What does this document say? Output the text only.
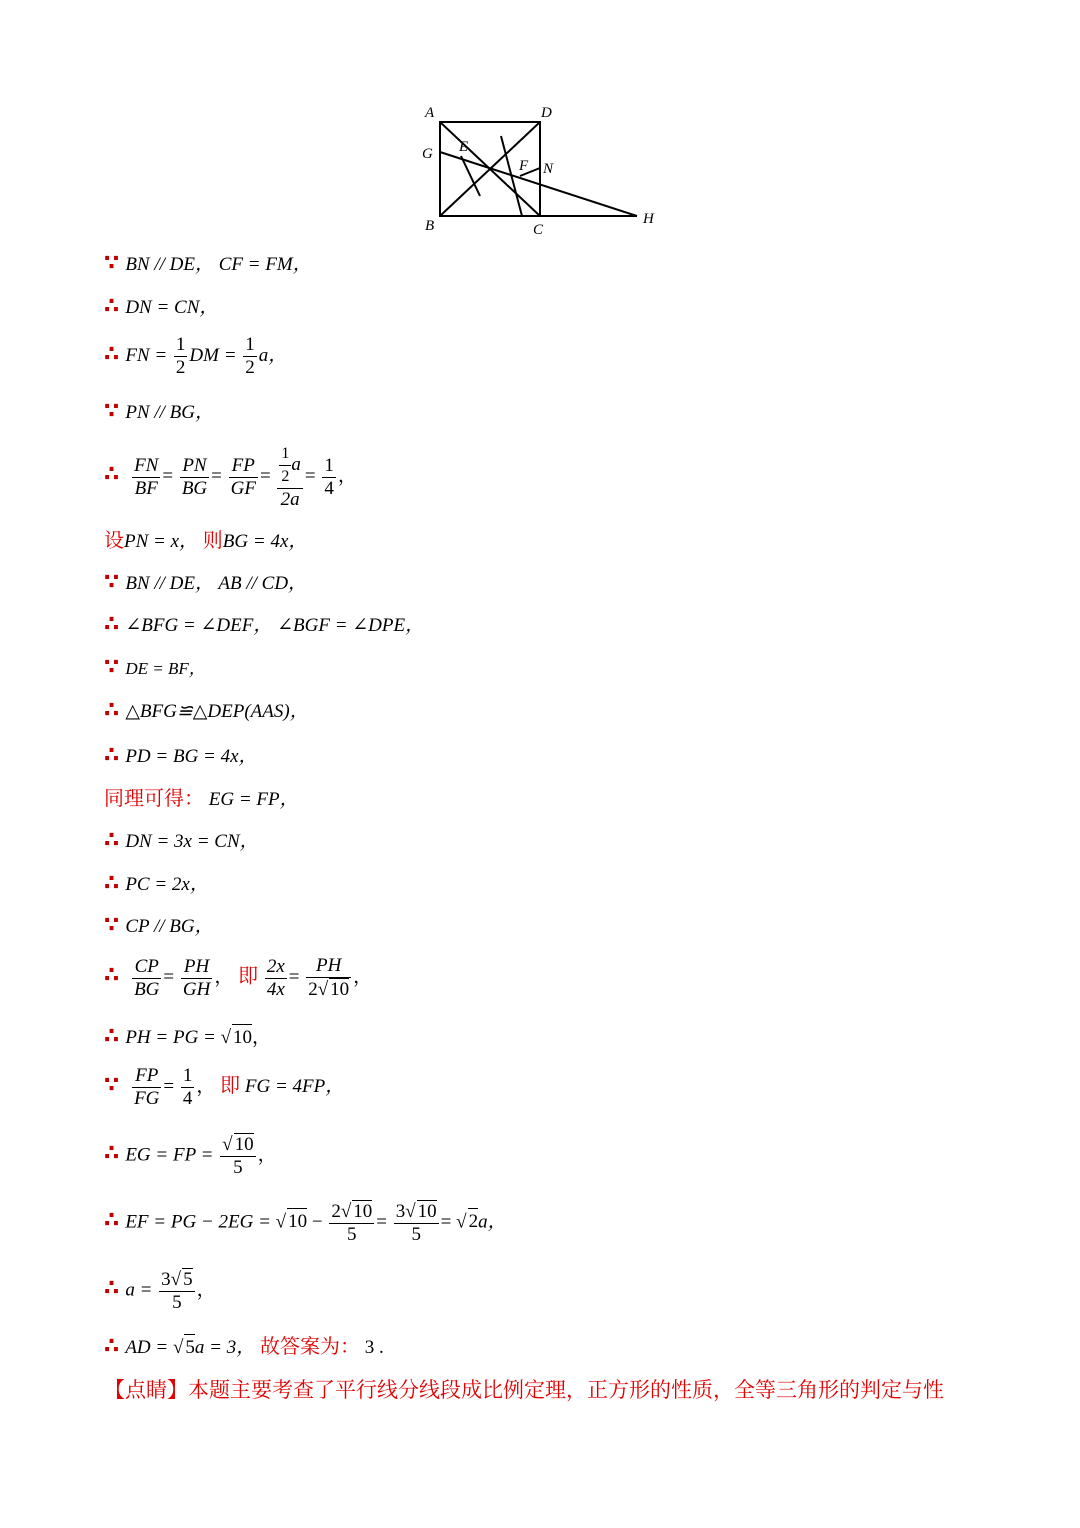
A	D
G E
F N
B	C
H
∵ BN // DE， CF = FM，
∴ DN = CN，
∴ FN = $\frac{1}{2}$ DM = $\frac{1}{2}$ a，
∵ PN // BG，
∴ $\frac{FN}{BF} = \frac{PN}{BG} = \frac{FP}{GF} = \frac{\frac{1}{2} a}{2a} = \frac{1}{4}$ ，
设PN = x， 则BG = 4x，
∵ BN // DE， AB // CD，
∴ ∠BFG = ∠DEF， ∠BGF = ∠DPE，
∵ DE = BF，
∴ △BFG≌△DEP(AAS)，
∴ PD = BG = 4x，
同理可得： EG = FP，
∴ DN = 3x = CN，
∴ PC = 2x，
∵ CP // BG，
∴ $\frac{CP}{BG} = \frac{PH}{GH}$ ， 即 $\frac{2x}{4x} = \frac{PH}{2√ 10}$ ，
∴ PH = PG = √ 10，
∵ $\frac{FP}{FG} = \frac{1}{4}$ ， 即 FG = 4FP，
∴ EG = FP = $\frac{√ 10}{5}$ ，
∴ EF = PG − 2EG = √ $10 - \frac{2√ 10}{5} = \frac{3√ 10}{5}$ = √ 2a，
∴ $a = \frac{3√ 5}{5}$ ，
∴ AD = √ 5a = 3， 故答案为： 3 .
【点睛】本题主要考查了平行线分线段成比例定理，正方形的性质，全等三角形的判定与性
